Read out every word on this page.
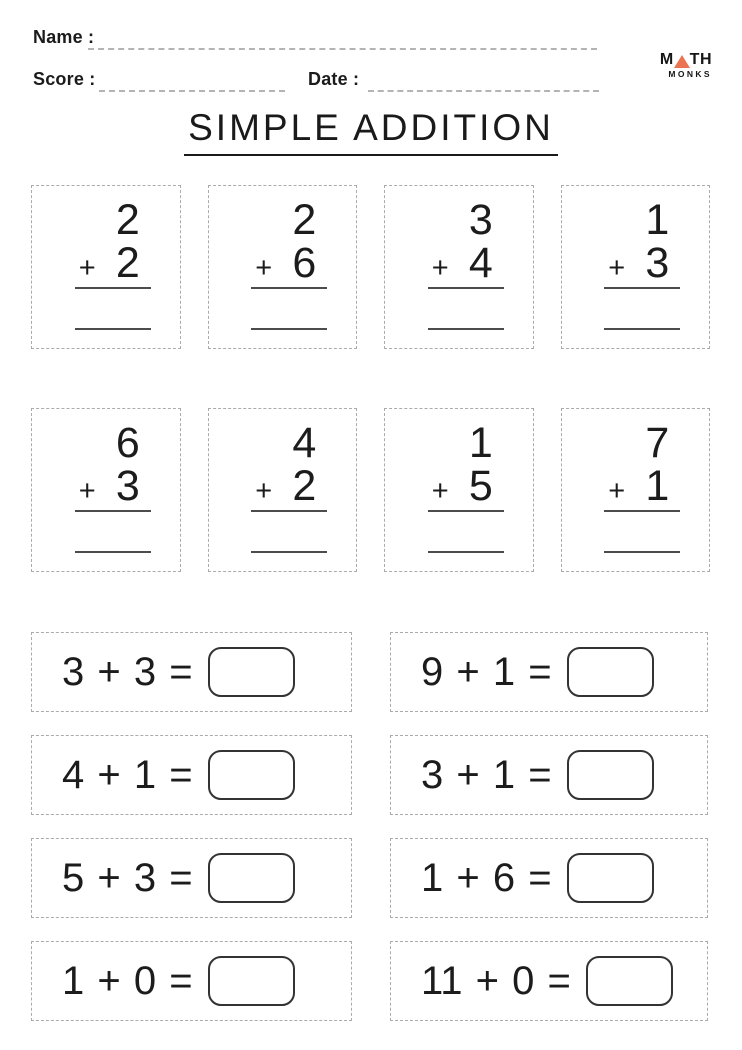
Name :
Score :	Date :
M TH
MONKS
SIMPLE ADDITION
2
+ 2
2
+ 6
3
+ 4
1
+ 3
6
+ 3
4
+ 2
1
+ 5
7
+ 1
3 + 3 =	9 + 1 =
4 + 1 =	3 + 1 =
5 + 3 =	1 + 6 =
1 + 0 =	11 + 0 =
